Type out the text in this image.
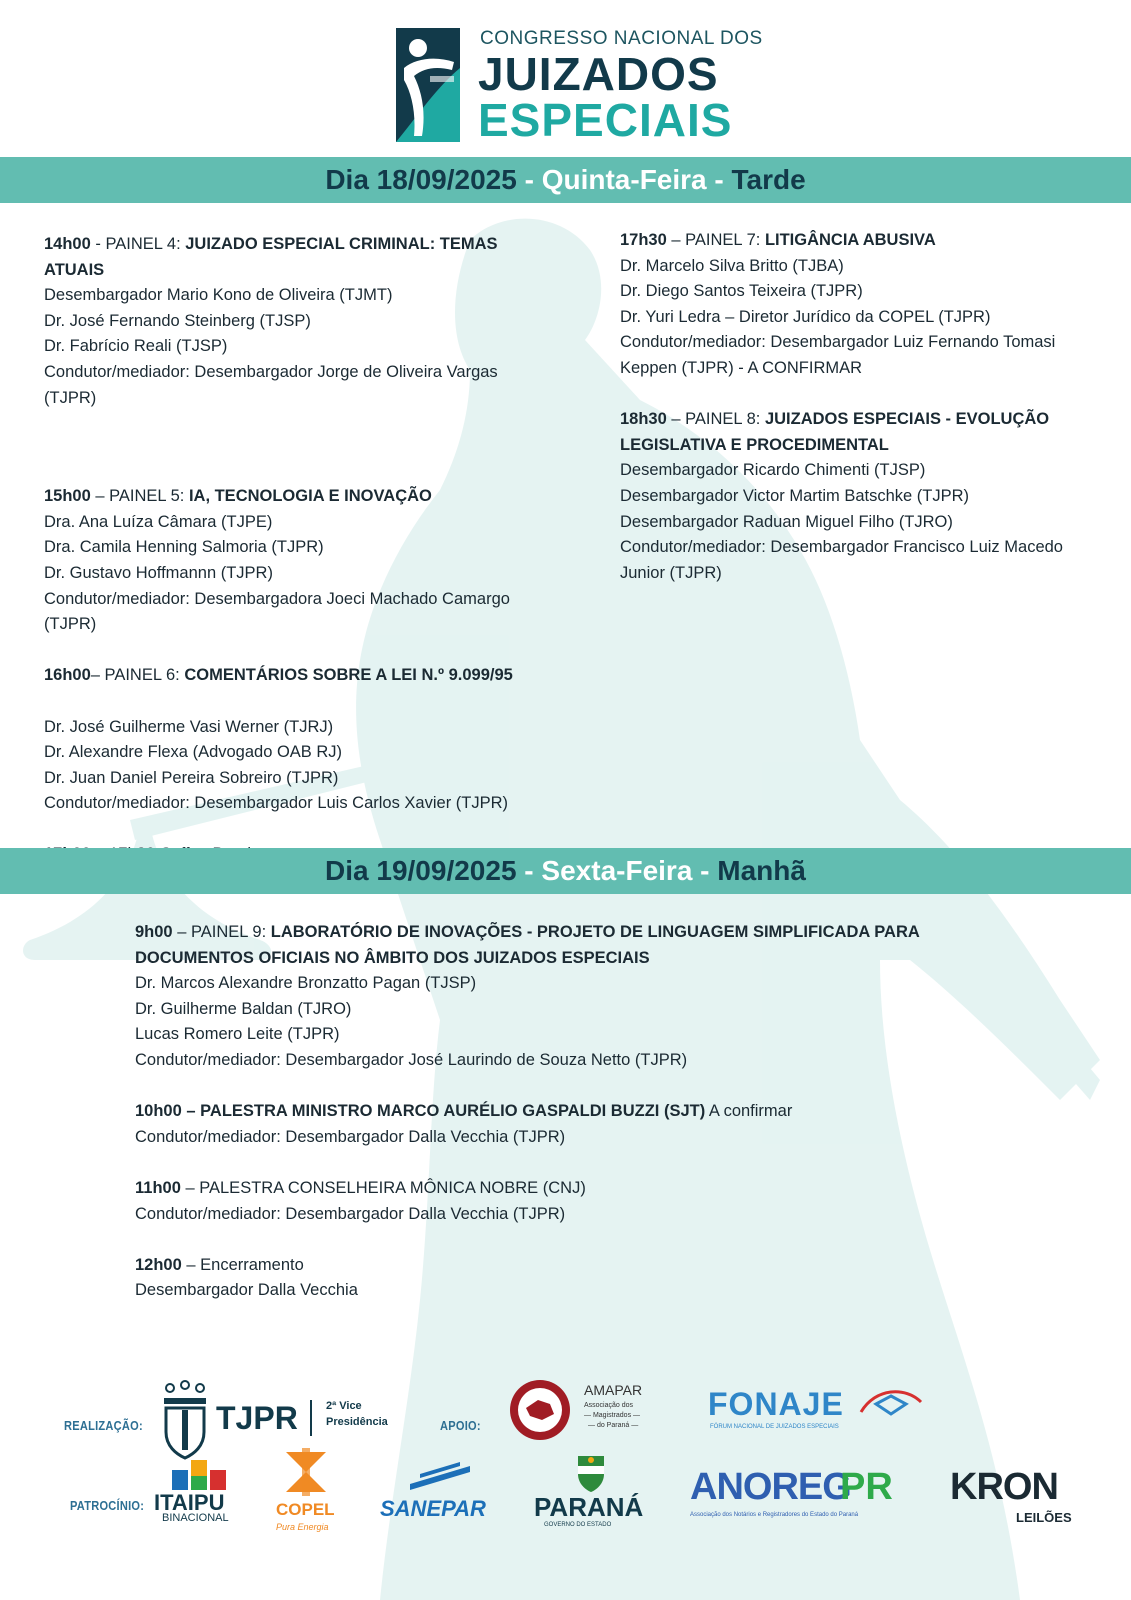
CONGRESSO NACIONAL DOS
JUIZADOS
ESPECIAIS
Dia 18/09/2025 - Quinta-Feira - Tarde
14h00 - PAINEL 4: JUIZADO ESPECIAL CRIMINAL: TEMAS
ATUAIS
Desembargador Mario Kono de Oliveira (TJMT)
Dr. José Fernando Steinberg (TJSP)
Dr. Fabrício Reali (TJSP)
Condutor/mediador: Desembargador Jorge de Oliveira Vargas
(TJPR)
15h00 – PAINEL 5: IA, TECNOLOGIA E INOVAÇÃO
Dra. Ana Luíza Câmara (TJPE)
Dra. Camila Henning Salmoria (TJPR)
Dr. Gustavo Hoffmannn (TJPR)
Condutor/mediador: Desembargadora Joeci Machado Camargo
(TJPR)
16h00– PAINEL 6: COMENTÁRIOS SOBRE A LEI N.º 9.099/95
Dr. José Guilherme Vasi Werner (TJRJ)
Dr. Alexandre Flexa (Advogado OAB RJ)
Dr. Juan Daniel Pereira Sobreiro (TJPR)
Condutor/mediador: Desembargador Luis Carlos Xavier (TJPR)
17h30 – PAINEL 7: LITIGÂNCIA ABUSIVA
Dr. Marcelo Silva Britto (TJBA)
Dr. Diego Santos Teixeira (TJPR)
Dr. Yuri Ledra – Diretor Jurídico da COPEL (TJPR)
Condutor/mediador: Desembargador Luiz Fernando Tomasi
Keppen (TJPR) - A CONFIRMAR
18h30 – PAINEL 8: JUIZADOS ESPECIAIS - EVOLUÇÃO
LEGISLATIVA E PROCEDIMENTAL
Desembargador Ricardo Chimenti (TJSP)
Desembargador Victor Martim Batschke (TJPR)
Desembargador Raduan Miguel Filho (TJRO)
Condutor/mediador: Desembargador Francisco Luiz Macedo
Junior (TJPR)
Dia 19/09/2025 - Sexta-Feira - Manhã
9h00 – PAINEL 9: LABORATÓRIO DE INOVAÇÕES - PROJETO DE LINGUAGEM SIMPLIFICADA PARA
DOCUMENTOS OFICIAIS NO ÂMBITO DOS JUIZADOS ESPECIAIS
Dr. Marcos Alexandre Bronzatto Pagan (TJSP)
Dr. Guilherme Baldan (TJRO)
Lucas Romero Leite (TJPR)
Condutor/mediador: Desembargador José Laurindo de Souza Netto (TJPR)
10h00 – PALESTRA MINISTRO MARCO AURÉLIO GASPALDI BUZZI (SJT) A confirmar
Condutor/mediador: Desembargador Dalla Vecchia (TJPR)
11h00 – PALESTRA CONSELHEIRA MÔNICA NOBRE (CNJ)
Condutor/mediador: Desembargador Dalla Vecchia (TJPR)
12h00 – Encerramento
Desembargador Dalla Vecchia
REALIZAÇÃO: TJPR	2ª Vice
Presidência	APOIO:
AMAPAR
Associação dos
— Magistrados —
— do Paraná —
FONAJE
FÓRUM NACIONAL DE JUIZADOS ESPECIAIS
PATROCÍNIO: ITAIPU
BINACIONAL	COPEL
Pura Energia
SANEPAR PARANÁ
GOVERNO DO ESTADO
ANOREG
PR
Associação dos Notários e Registradores do Estado do Paraná
KRON
LEILÕES
